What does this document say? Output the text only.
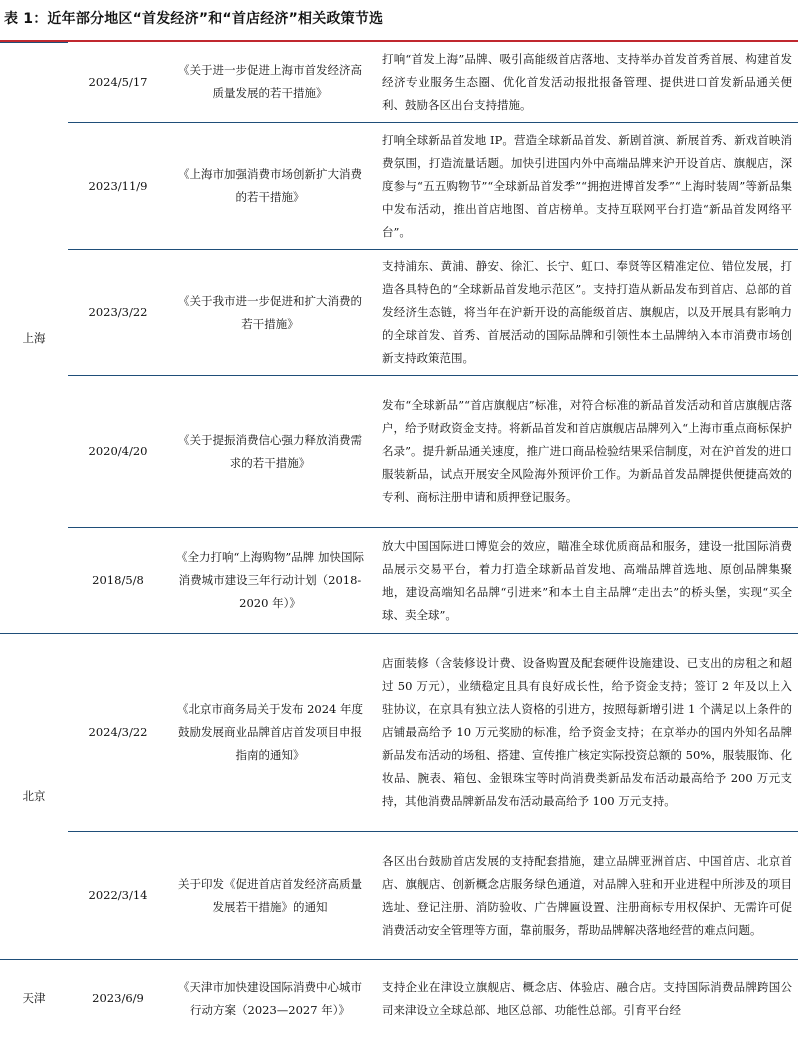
表 1：近年部分地区“首发经济”和“首店经济”相关政策节选
上海	2024/5/17	《关于进一步促进上海市首发经济高质量发展的若干措施》	打响“首发上海”品牌、吸引高能级首店落地、支持举办首发首秀首展、构建首发经济专业服务生态圈、优化首发活动报批报备管理、提供进口首发新品通关便利、鼓励各区出台支持措施。
	2023/11/9	《上海市加强消费市场创新扩大消费的若干措施》	打响全球新品首发地 IP。营造全球新品首发、新剧首演、新展首秀、新戏首映消费氛围，打造流量话题。加快引进国内外中高端品牌来沪开设首店、旗舰店，深度参与“五五购物节”“全球新品首发季”“拥抱进博首发季”“上海时装周”等新品集中发布活动，推出首店地图、首店榜单。支持互联网平台打造“新品首发网络平台”。
	2023/3/22	《关于我市进一步促进和扩大消费的若干措施》	支持浦东、黄浦、静安、徐汇、长宁、虹口、奉贤等区精准定位、错位发展，打造各具特色的“全球新品首发地示范区”。支持打造从新品发布到首店、总部的首发经济生态链，将当年在沪新开设的高能级首店、旗舰店，以及开展具有影响力的全球首发、首秀、首展活动的国际品牌和引领性本土品牌纳入本市消费市场创新支持政策范围。
	2020/4/20	《关于提振消费信心强力释放消费需求的若干措施》	发布“全球新品”“首店旗舰店”标准，对符合标准的新品首发活动和首店旗舰店落户，给予财政资金支持。将新品首发和首店旗舰店品牌列入“上海市重点商标保护名录”。提升新品通关速度，推广进口商品检验结果采信制度，对在沪首发的进口服装新品，试点开展安全风险海外预评价工作。为新品首发品牌提供便捷高效的专利、商标注册申请和质押登记服务。
	2018/5/8	《全力打响“上海购物”品牌 加快国际消费城市建设三年行动计划（2018-2020 年）》	放大中国国际进口博览会的效应，瞄准全球优质商品和服务，建设一批国际消费品展示交易平台，着力打造全球新品首发地、高端品牌首选地、原创品牌集聚地，建设高端知名品牌“引进来”和本土自主品牌“走出去”的桥头堡，实现“买全球、卖全球”。
北京	2024/3/22	《北京市商务局关于发布 2024 年度鼓励发展商业品牌首店首发项目申报指南的通知》	店面装修（含装修设计费、设备购置及配套硬件设施建设、已支出的房租之和超过 50 万元），业绩稳定且具有良好成长性，给予资金支持；签订 2 年及以上入驻协议，在京具有独立法人资格的引进方，按照每新增引进 1 个满足以上条件的店铺最高给予 10 万元奖励的标准，给予资金支持；在京举办的国内外知名品牌新品发布活动的场租、搭建、宣传推广核定实际投资总额的 50%，服装服饰、化妆品、腕表、箱包、金银珠宝等时尚消费类新品发布活动最高给予 200 万元支持，其他消费品牌新品发布活动最高给予 100 万元支持。
	2022/3/14	关于印发《促进首店首发经济高质量发展若干措施》的通知	各区出台鼓励首店发展的支持配套措施，建立品牌亚洲首店、中国首店、北京首店、旗舰店、创新概念店服务绿色通道，对品牌入驻和开业进程中所涉及的项目选址、登记注册、消防验收、广告牌匾设置、注册商标专用权保护、无需许可促消费活动安全管理等方面，靠前服务，帮助品牌解决落地经营的难点问题。
天津	2023/6/9	《天津市加快建设国际消费中心城市行动方案（2023—2027 年）》	支持企业在津设立旗舰店、概念店、体验店、融合店。支持国际消费品牌跨国公司来津设立全球总部、地区总部、功能性总部。引育平台经
